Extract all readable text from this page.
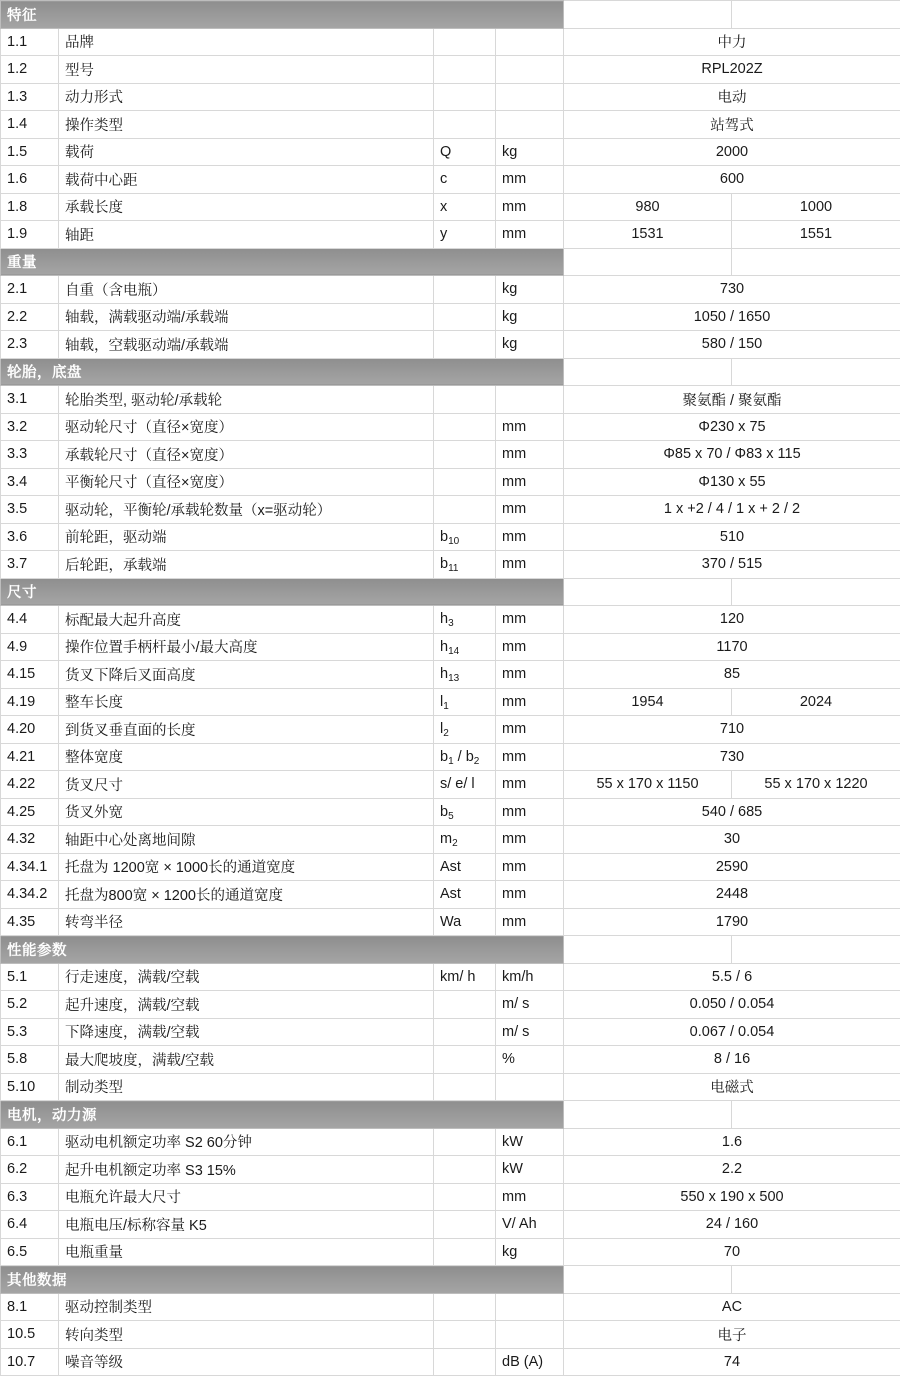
特征					
1.1	品牌			中力	
1.2	型号			RPL202Z	
1.3	动力形式			电动	
1.4	操作类型			站驾式	
1.5	载荷	Q	kg	2000	
1.6	载荷中心距	c	mm	600	
1.8	承载长度	x	mm	980	1000
1.9	轴距	y	mm	1531	1551
重量					
2.1	自重（含电瓶）		kg	730	
2.2	轴载，满载驱动端/承载端		kg	1050 / 1650	
2.3	轴载，空载驱动端/承载端		kg	580 / 150	
轮胎，底盘					
3.1	轮胎类型, 驱动轮/承载轮			聚氨酯 / 聚氨酯	
3.2	驱动轮尺寸（直径×宽度）		mm	Φ230 x 75	
3.3	承载轮尺寸（直径×宽度）		mm	Φ85 x 70 / Φ83 x 115	
3.4	平衡轮尺寸（直径×宽度）		mm	Φ130 x 55	
3.5	驱动轮，平衡轮/承载轮数量（x=驱动轮）		mm	1 x +2 / 4 / 1 x + 2 / 2	
3.6	前轮距，驱动端	$b_{10}$	mm	510	
3.7	后轮距，承载端	$b_{11}$	mm	370 / 515	
尺寸					
4.4	标配最大起升高度	$h_3$	mm	120	
4.9	操作位置手柄杆最小/最大高度	$h_{14}$	mm	1170	
4.15	货叉下降后叉面高度	$h_{13}$	mm	85	
4.19	整车长度	$l_1$	mm	1954	2024
4.20	到货叉垂直面的长度	$l_2$	mm	710	
4.21	整体宽度	$b_1 / b_2$	mm	730	
4.22	货叉尺寸	s/ e/ l	mm	55 x 170 x 1150	55 x 170 x 1220
4.25	货叉外宽	$b_5$	mm	540 / 685	
4.32	轴距中心处离地间隙	$m_2$	mm	30	
4.34.1	托盘为 1200宽 × 1000长的通道宽度	Ast	mm	2590	
4.34.2	托盘为800宽 × 1200长的通道宽度	Ast	mm	2448	
4.35	转弯半径	Wa	mm	1790	
性能参数					
5.1	行走速度，满载/空载	km/ h	km/h	5.5 / 6	
5.2	起升速度，满载/空载		m/ s	0.050 / 0.054	
5.3	下降速度，满载/空载		m/ s	0.067 / 0.054	
5.8	最大爬坡度，满载/空载		%	8 / 16	
5.10	制动类型			电磁式	
电机，动力源					
6.1	驱动电机额定功率 S2 60分钟		kW	1.6	
6.2	起升电机额定功率 S3 15%		kW	2.2	
6.3	电瓶允许最大尺寸		mm	550 x 190 x 500	
6.4	电瓶电压/标称容量 K5		V/ Ah	24 / 160	
6.5	电瓶重量		kg	70	
其他数据					
8.1	驱动控制类型			AC	
10.5	转向类型			电子	
10.7	噪音等级		dB (A)	74	
